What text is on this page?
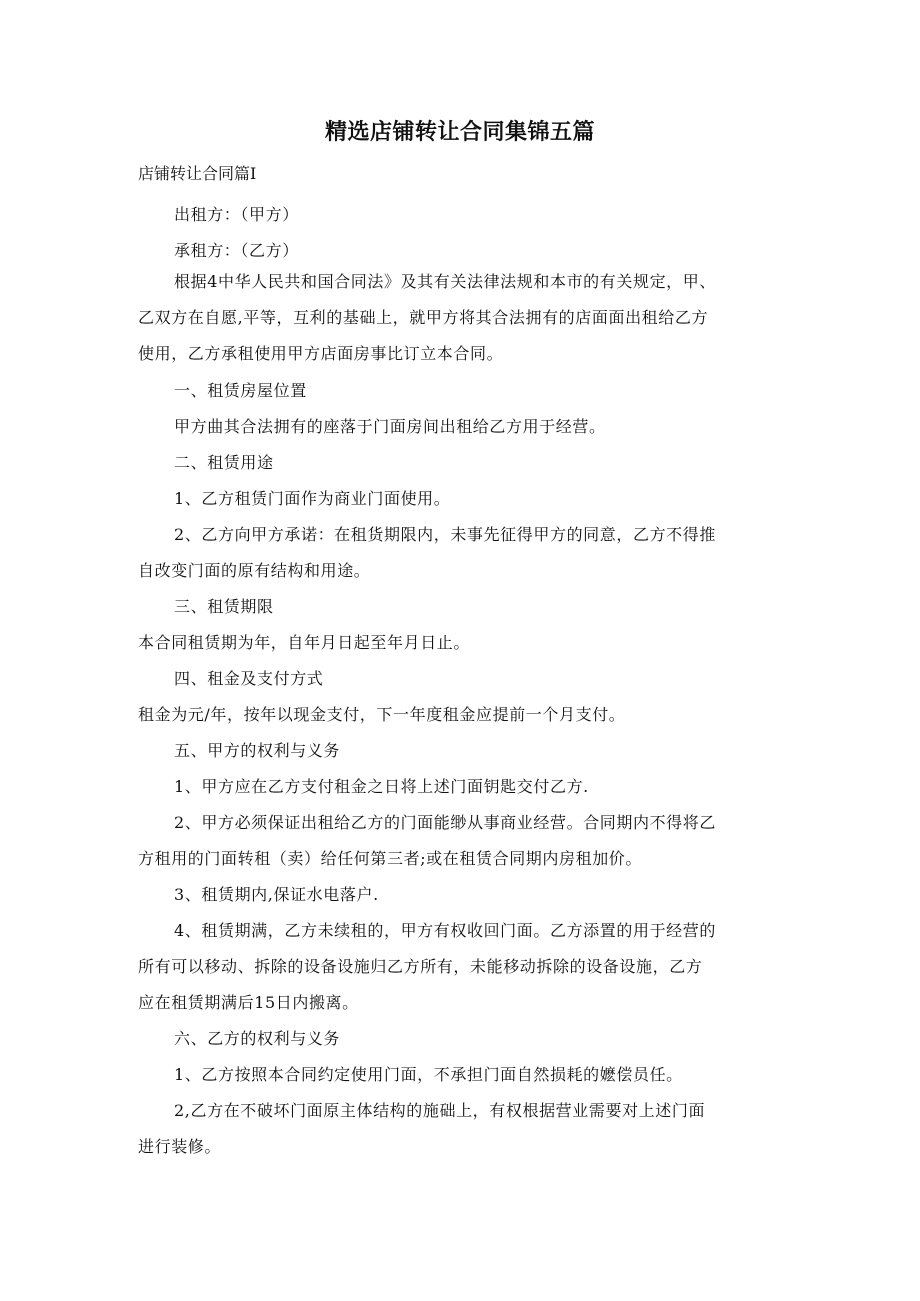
精选店铺转让合同集锦五篇

店铺转让合同篇I

出租方：（甲方）

承租方：（乙方）

根据4中华人民共和国合同法》及其有关法律法规和本市的有关规定，甲、
乙双方在自愿,平等，互利的基础上，就甲方将其合法拥有的店面面出租给乙方
使用，乙方承租使用甲方店面房事比订立本合同。

一、租赁房屋位置

甲方曲其合法拥有的座落于门面房间出租给乙方用于经营。

二、租赁用途

1、乙方租赁门面作为商业门面使用。

2、乙方向甲方承诺：在租货期限内，未事先征得甲方的同意，乙方不得推
自改变门面的原有结构和用途。

三、租赁期限

本合同租赁期为年，自年月日起至年月日止。

四、租金及支付方式

租金为元/年，按年以现金支付，下一年度租金应提前一个月支付。

五、甲方的权利与义务

1、甲方应在乙方支付租金之日将上述门面钥匙交付乙方.

2、甲方必须保证出租给乙方的门面能缈从事商业经营。合同期内不得将乙
方租用的门面转租（卖）给任何第三者;或在租赁合同期内房租加价。

3、租赁期内,保证水电落户.

4、租赁期满，乙方未续租的，甲方有权收回门面。乙方添置的用于经营的
所有可以移动、拆除的设备设施归乙方所有，未能移动拆除的设备设施，乙方
应在租赁期满后15日内搬离。

六、乙方的权利与义务

1、乙方按照本合同约定使用门面，不承担门面自然损耗的嬷偿员任。

2,乙方在不破坏门面原主体结构的施础上，有权根据营业需要对上述门面
进行装修。
